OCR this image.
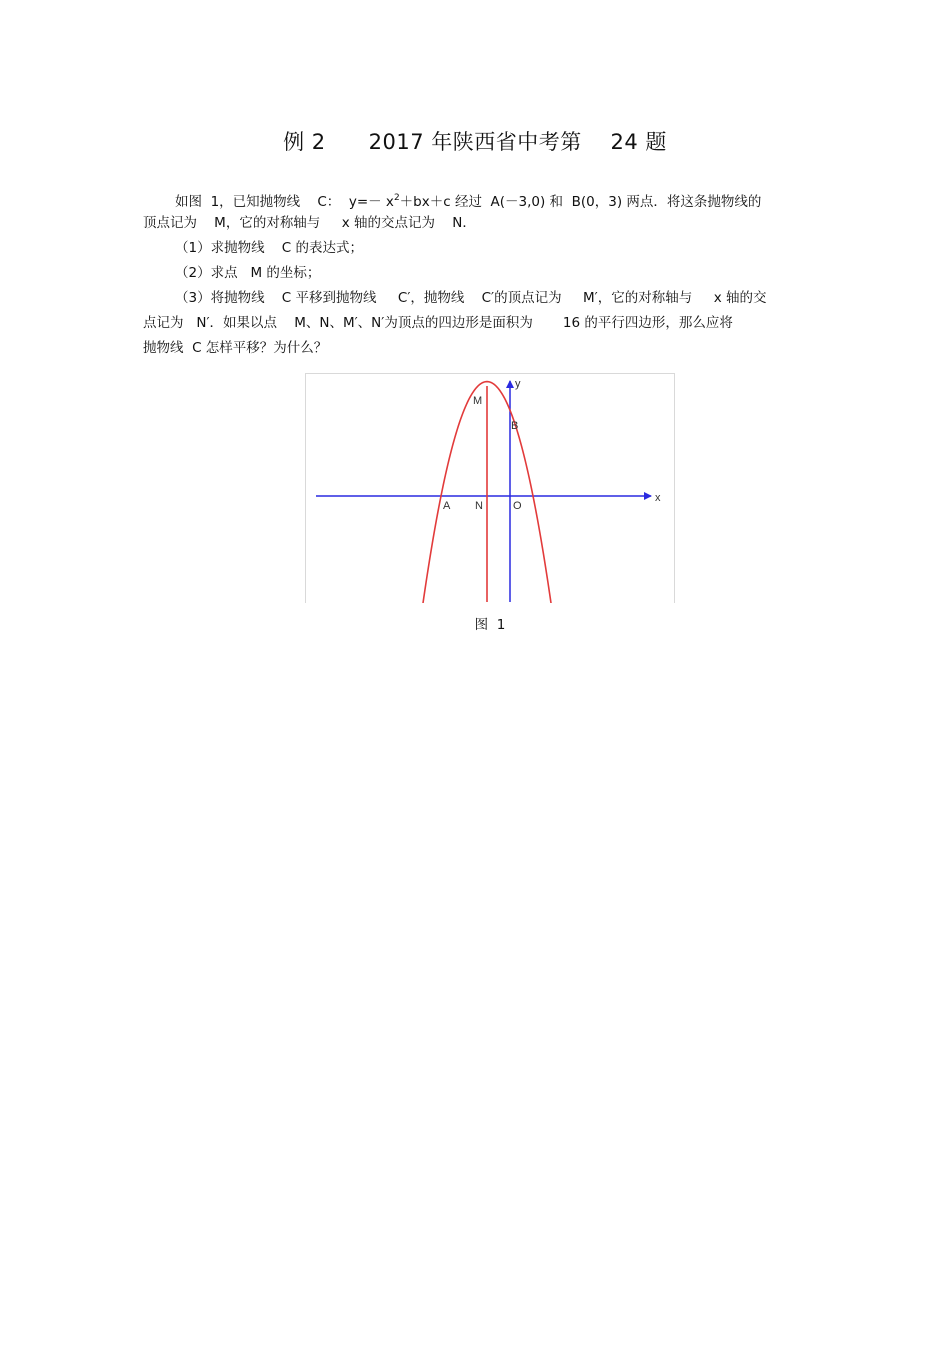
例 2      2017 年陕西省中考第    24 题
如图  1，已知抛物线    C：  $y=- x^2+bx+c$ 经过  A(－3,0) 和  B(0，3) 两点．将这条抛物线的
顶点记为    M，它的对称轴与     x 轴的交点记为    N．
（1）求抛物线    C 的表达式；
（2）求点   M 的坐标；
（3）将抛物线    C 平移到抛物线     C′，抛物线    C′的顶点记为     M′，它的对称轴与     x 轴的交
点记为   N′．如果以点    M、N、M′、N′为顶点的四边形是面积为       16 的平行四边形，那么应将
抛物线  C 怎样平移？为什么？
M
B
A N	O
x
y
图  1
